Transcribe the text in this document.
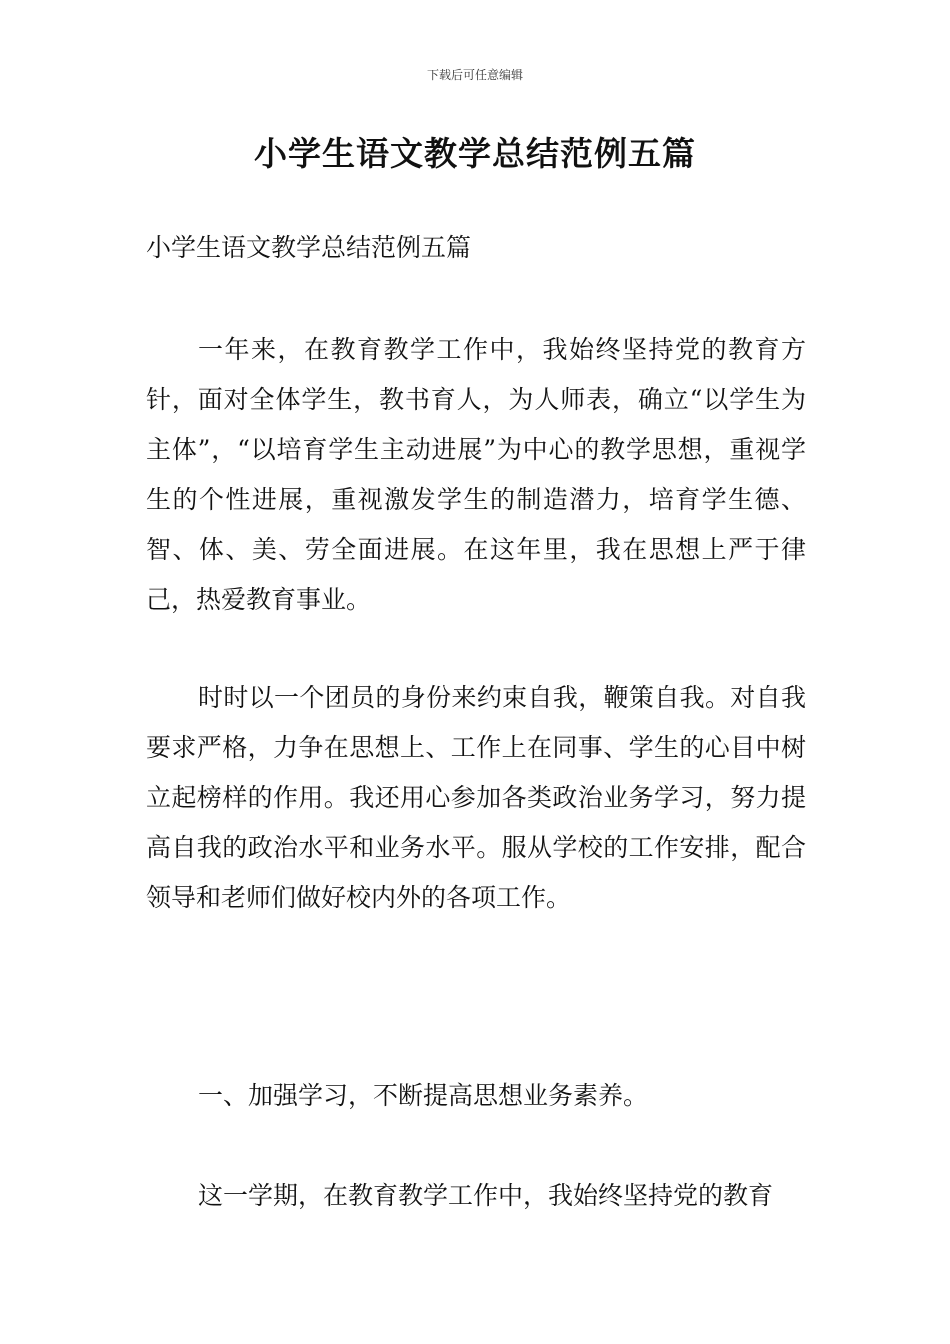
下载后可任意编辑
小学生语文教学总结范例五篇

小学生语文教学总结范例五篇

一年来，在教育教学工作中，我始终坚持党的教育方针，面对全体学生，教书育人，为人师表，确立“以学生为主体”，“以培育学生主动进展”为中心的教学思想，重视学生的个性进展，重视激发学生的制造潜力，培育学生德、智、体、美、劳全面进展。在这年里，我在思想上严于律己，热爱教育事业。

时时以一个团员的身份来约束自我，鞭策自我。对自我要求严格，力争在思想上、工作上在同事、学生的心目中树立起榜样的作用。我还用心参加各类政治业务学习，努力提高自我的政治水平和业务水平。服从学校的工作安排，配合领导和老师们做好校内外的各项工作。

一、加强学习，不断提高思想业务素养。

这一学期，在教育教学工作中，我始终坚持党的教育
